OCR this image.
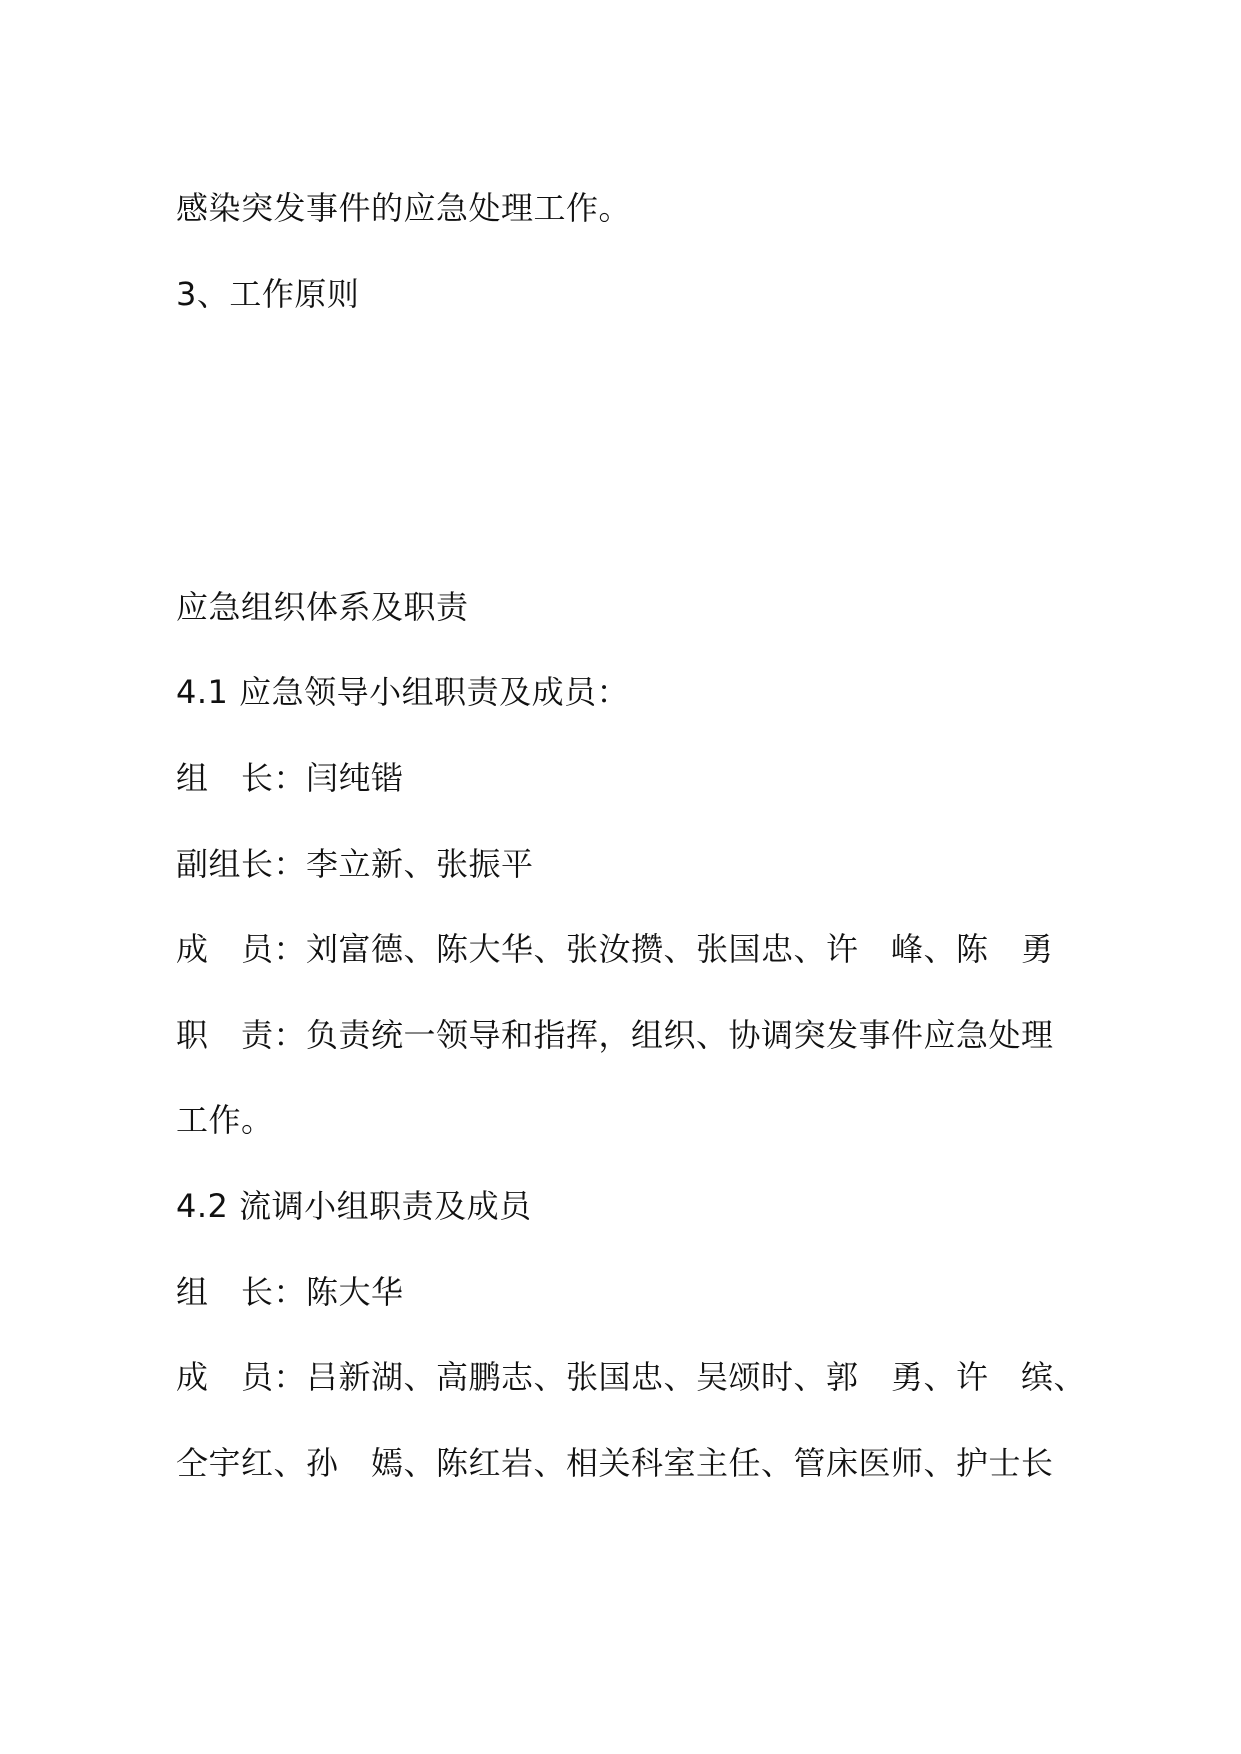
感染突发事件的应急处理工作。
3、工作原则
应急组织体系及职责
4.1 应急领导小组职责及成员：
组　长：闫纯锴
副组长：李立新、张振平
成　员：刘富德、陈大华、张汝攒、张国忠、许　峰、陈　勇
职　责：负责统一领导和指挥，组织、协调突发事件应急处理
工作。
4.2 流调小组职责及成员
组　长：陈大华
成　员：吕新湖、高鹏志、张国忠、吴颂时、郭　勇、许　缤、
仝宇红、孙　嫣、陈红岩、相关科室主任、管床医师、护士长
